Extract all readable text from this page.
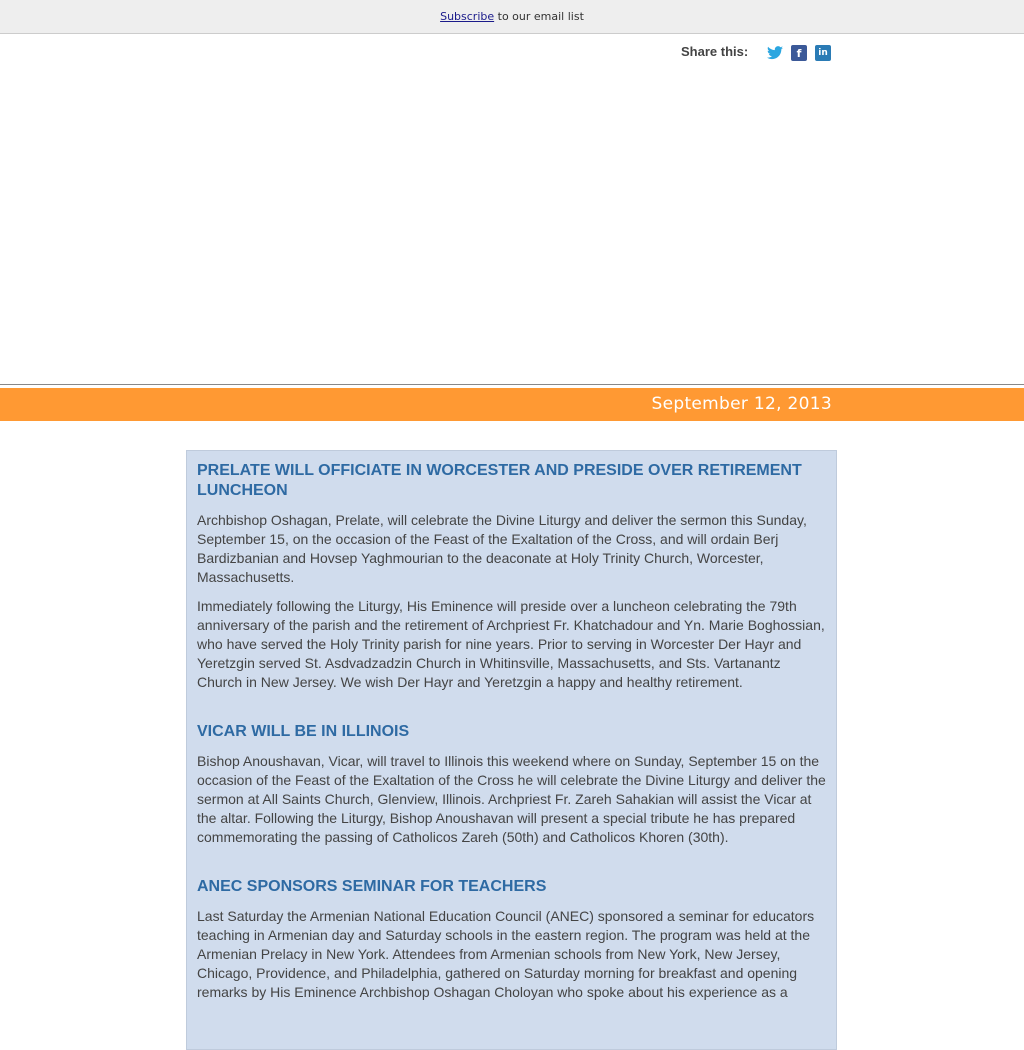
Subscribe to our email list
Share this:	f	in
September 12, 2013
PRELATE WILL OFFICIATE IN WORCESTER AND PRESIDE OVER RETIREMENT LUNCHEON

Archbishop Oshagan, Prelate, will celebrate the Divine Liturgy and deliver the sermon this Sunday, September 15, on the occasion of the Feast of the Exaltation of the Cross, and will ordain Berj Bardizbanian and Hovsep Yaghmourian to the deaconate at Holy Trinity Church, Worcester, Massachusetts.

Immediately following the Liturgy, His Eminence will preside over a luncheon celebrating the 79th anniversary of the parish and the retirement of Archpriest Fr. Khatchadour and Yn. Marie Boghossian, who have served the Holy Trinity parish for nine years. Prior to serving in Worcester Der Hayr and Yeretzgin served St. Asdvadzadzin Church in Whitinsville, Massachusetts, and Sts. Vartanantz Church in New Jersey. We wish Der Hayr and Yeretzgin a happy and healthy retirement.

VICAR WILL BE IN ILLINOIS

Bishop Anoushavan, Vicar, will travel to Illinois this weekend where on Sunday, September 15 on the occasion of the Feast of the Exaltation of the Cross he will celebrate the Divine Liturgy and deliver the sermon at All Saints Church, Glenview, Illinois. Archpriest Fr. Zareh Sahakian will assist the Vicar at the altar. Following the Liturgy, Bishop Anoushavan will present a special tribute he has prepared commemorating the passing of Catholicos Zareh (50th) and Catholicos Khoren (30th).

ANEC SPONSORS SEMINAR FOR TEACHERS

Last Saturday the Armenian National Education Council (ANEC) sponsored a seminar for educators teaching in Armenian day and Saturday schools in the eastern region. The program was held at the Armenian Prelacy in New York. Attendees from Armenian schools from New York, New Jersey, Chicago, Providence, and Philadelphia, gathered on Saturday morning for breakfast and opening remarks by His Eminence Archbishop Oshagan Choloyan who spoke about his experience as a
